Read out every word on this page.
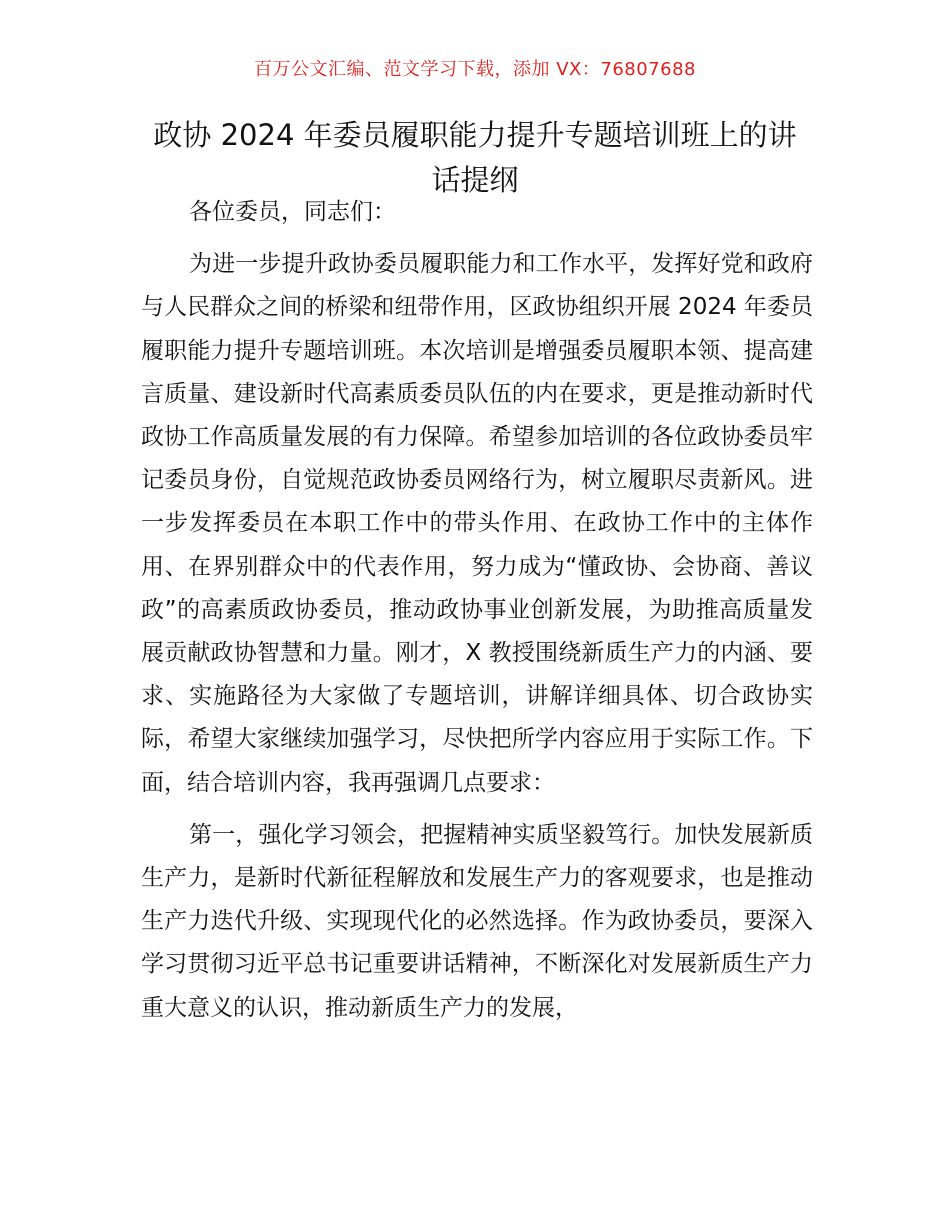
百万公文汇编、范文学习下载，添加 VX：76807688
政协 2024 年委员履职能力提升专题培训班上的讲话提纲

各位委员，同志们：

为进一步提升政协委员履职能力和工作水平，发挥好党和政府与人民群众之间的桥梁和纽带作用，区政协组织开展 2024 年委员履职能力提升专题培训班。本次培训是增强委员履职本领、提高建言质量、建设新时代高素质委员队伍的内在要求，更是推动新时代政协工作高质量发展的有力保障。希望参加培训的各位政协委员牢记委员身份，自觉规范政协委员网络行为，树立履职尽责新风。进一步发挥委员在本职工作中的带头作用、在政协工作中的主体作用、在界别群众中的代表作用，努力成为“懂政协、会协商、善议政”的高素质政协委员，推动政协事业创新发展，为助推高质量发展贡献政协智慧和力量。刚才，X 教授围绕新质生产力的内涵、要求、实施路径为大家做了专题培训，讲解详细具体、切合政协实际，希望大家继续加强学习，尽快把所学内容应用于实际工作。下面，结合培训内容，我再强调几点要求：

第一，强化学习领会，把握精神实质坚毅笃行。加快发展新质生产力，是新时代新征程解放和发展生产力的客观要求，也是推动生产力迭代升级、实现现代化的必然选择。作为政协委员，要深入学习贯彻习近平总书记重要讲话精神，不断深化对发展新质生产力重大意义的认识，推动新质生产力的发展，
